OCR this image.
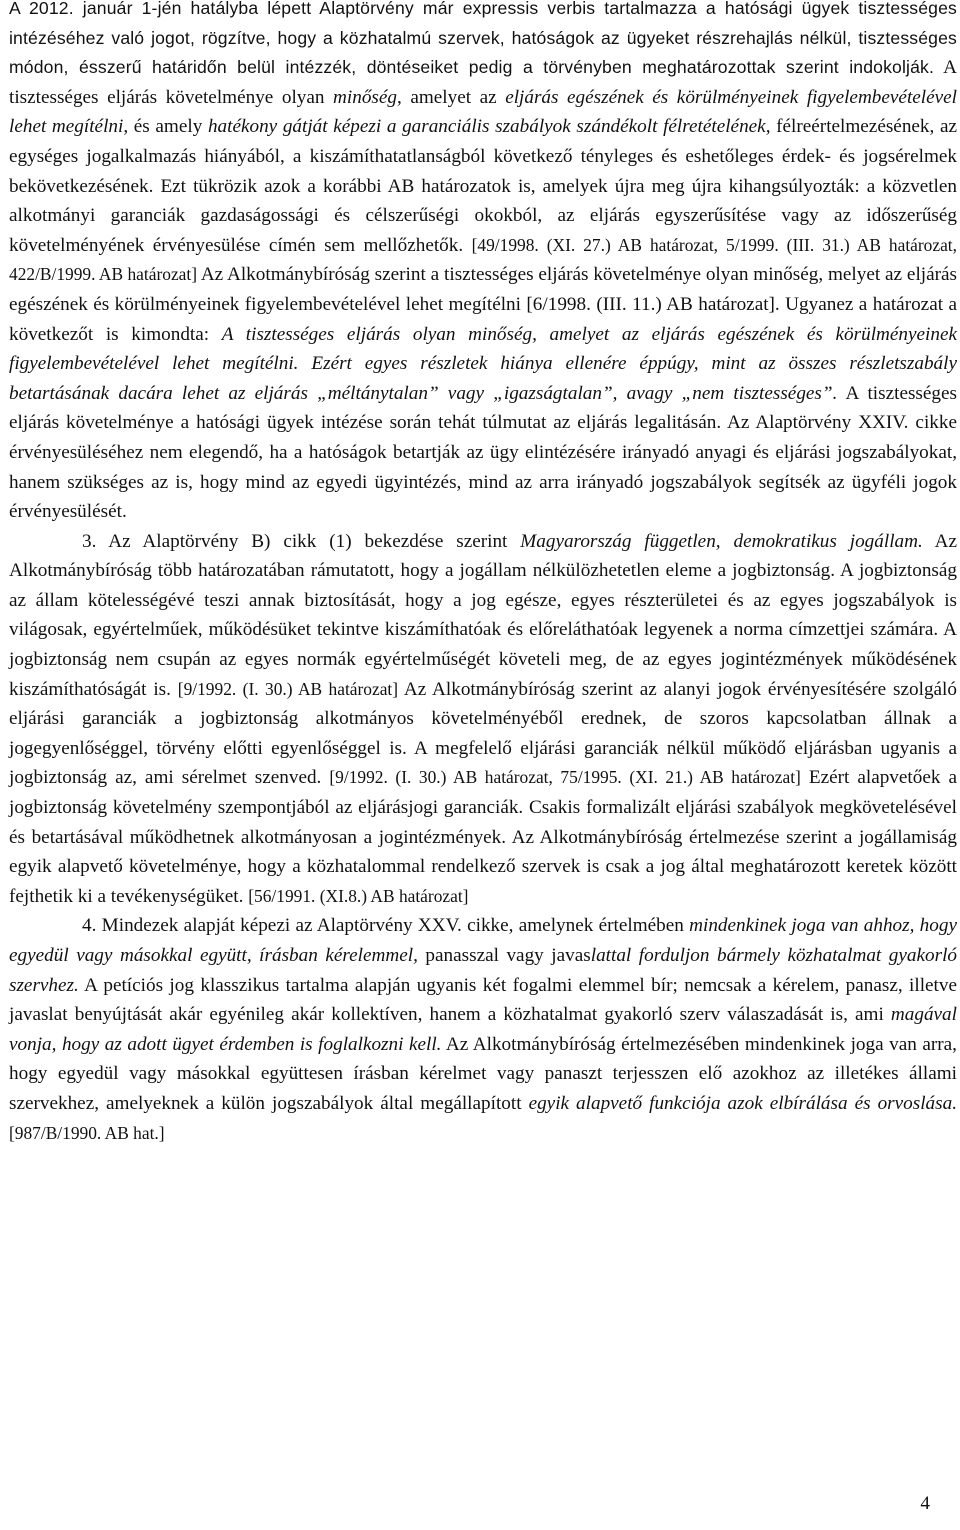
A 2012. január 1-jén hatályba lépett Alaptörvény már expressis verbis tartalmazza a hatósági ügyek tisztességes intézéséhez való jogot, rögzítve, hogy a közhatalmú szervek, hatóságok az ügyeket részrehajlás nélkül, tisztességes módon, ésszerű határidőn belül intézzék, döntéseiket pedig a törvényben meghatározottak szerint indokolják. A tisztességes eljárás követelménye olyan minőség, amelyet az eljárás egészének és körülményeinek figyelembevételével lehet megítélni, és amely hatékony gátját képezi a garanciális szabályok szándékolt félretételének, félreértelmezésének, az egységes jogalkalmazás hiányából, a kiszámíthatatlanságból következő tényleges és eshetőleges érdek- és jogsérelmek bekövetkezésének. Ezt tükrözik azok a korábbi AB határozatok is, amelyek újra meg újra kihangsúlyozták: a közvetlen alkotmányi garanciák gazdaságossági és célszerűségi okokból, az eljárás egyszerűsítése vagy az időszerűség követelményének érvényesülése címén sem mellőzhetők. [49/1998. (XI. 27.) AB határozat, 5/1999. (III. 31.) AB határozat, 422/B/1999. AB határozat] Az Alkotmánybíróság szerint a tisztességes eljárás követelménye olyan minőség, melyet az eljárás egészének és körülményeinek figyelembevételével lehet megítélni [6/1998. (III. 11.) AB határozat]. Ugyanez a határozat a következőt is kimondta: A tisztességes eljárás olyan minőség, amelyet az eljárás egészének és körülményeinek figyelembevételével lehet megítélni. Ezért egyes részletek hiánya ellenére éppúgy, mint az összes részletszabály betartásának dacára lehet az eljárás „méltánytalan” vagy „igazságtalan”, avagy „nem tisztességes”. A tisztességes eljárás követelménye a hatósági ügyek intézése során tehát túlmutat az eljárás legalitásán. Az Alaptörvény XXIV. cikke érvényesüléséhez nem elegendő, ha a hatóságok betartják az ügy elintézésére irányadó anyagi és eljárási jogszabályokat, hanem szükséges az is, hogy mind az egyedi ügyintézés, mind az arra irányadó jogszabályok segítsék az ügyféli jogok érvényesülését.

3. Az Alaptörvény B) cikk (1) bekezdése szerint Magyarország független, demokratikus jogállam. Az Alkotmánybíróság több határozatában rámutatott, hogy a jogállam nélkülözhetetlen eleme a jogbiztonság. A jogbiztonság az állam kötelességévé teszi annak biztosítását, hogy a jog egésze, egyes részterületei és az egyes jogszabályok is világosak, egyértelműek, működésüket tekintve kiszámíthatóak és előreláthatóak legyenek a norma címzettjei számára. A jogbiztonság nem csupán az egyes normák egyértelműségét követeli meg, de az egyes jogintézmények működésének kiszámíthatóságát is. [9/1992. (I. 30.) AB határozat] Az Alkotmánybíróság szerint az alanyi jogok érvényesítésére szolgáló eljárási garanciák a jogbiztonság alkotmányos követelményéből erednek, de szoros kapcsolatban állnak a jogegyenlőséggel, törvény előtti egyenlőséggel is. A megfelelő eljárási garanciák nélkül működő eljárásban ugyanis a jogbiztonság az, ami sérelmet szenved. [9/1992. (I. 30.) AB határozat, 75/1995. (XI. 21.) AB határozat] Ezért alapvetőek a jogbiztonság követelmény szempontjából az eljárásjogi garanciák. Csakis formalizált eljárási szabályok megkövetelésével és betartásával működhetnek alkotmányosan a jogintézmények. Az Alkotmánybíróság értelmezése szerint a jogállamiság egyik alapvető követelménye, hogy a közhatalommal rendelkező szervek is csak a jog által meghatározott keretek között fejthetik ki a tevékenységüket. [56/1991. (XI.8.) AB határozat]

4. Mindezek alapját képezi az Alaptörvény XXV. cikke, amelynek értelmében mindenkinek joga van ahhoz, hogy egyedül vagy másokkal együtt, írásban kérelemmel, panasszal vagy javaslattal forduljon bármely közhatalmat gyakorló szervhez. A petíciós jog klasszikus tartalma alapján ugyanis két fogalmi elemmel bír; nemcsak a kérelem, panasz, illetve javaslat benyújtását akár egyénileg akár kollektíven, hanem a közhatalmat gyakorló szerv válaszadását is, ami magával vonja, hogy az adott ügyet érdemben is foglalkozni kell. Az Alkotmánybíróság értelmezésében mindenkinek joga van arra, hogy egyedül vagy másokkal együttesen írásban kérelmet vagy panaszt terjesszen elő azokhoz az illetékes állami szervekhez, amelyeknek a külön jogszabályok által megállapított egyik alapvető funkciója azok elbírálása és orvoslása. [987/B/1990. AB hat.]

4
